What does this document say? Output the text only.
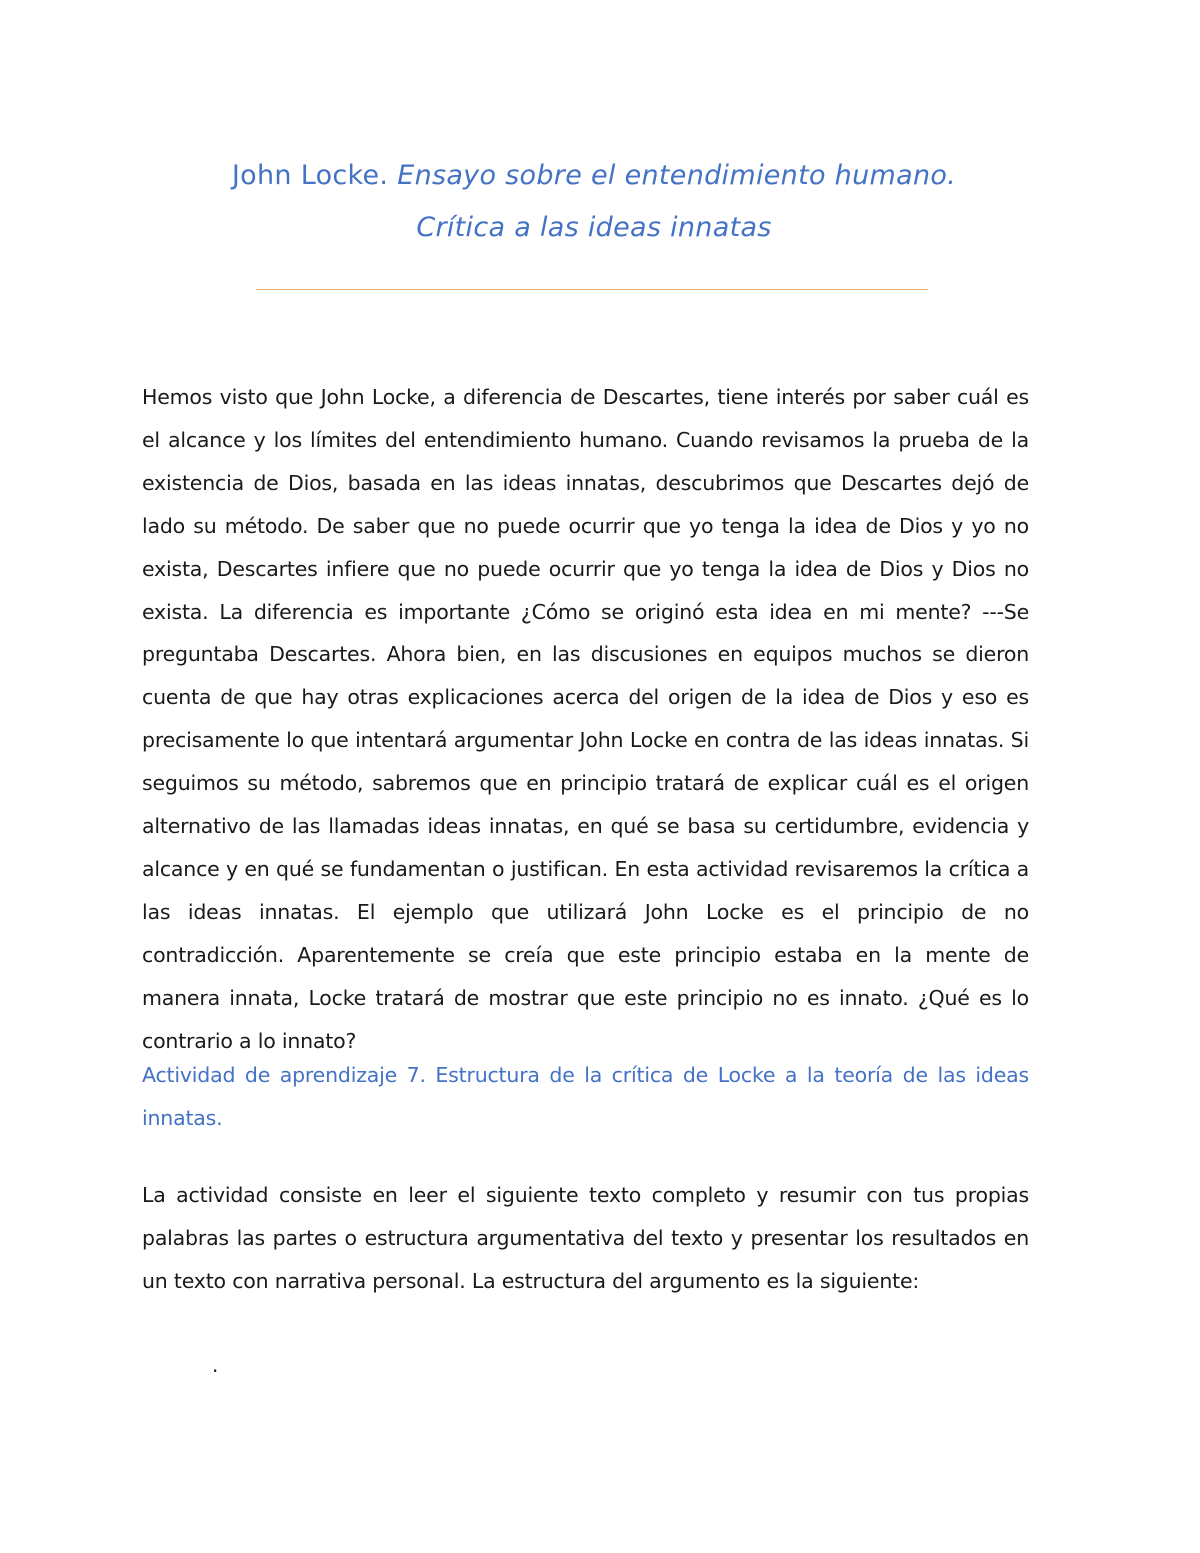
John Locke. Ensayo sobre el entendimiento humano.
Crítica a las ideas innatas

Hemos visto que John Locke, a diferencia de Descartes, tiene interés por saber cuál es el alcance y los límites del entendimiento humano. Cuando revisamos la prueba de la existencia de Dios, basada en las ideas innatas, descubrimos que Descartes dejó de lado su método. De saber que no puede ocurrir que yo tenga la idea de Dios y yo no exista, Descartes infiere que no puede ocurrir que yo tenga la idea de Dios y Dios no exista. La diferencia es importante ¿Cómo se originó esta idea en mi mente? ---Se preguntaba Descartes. Ahora bien, en las discusiones en equipos muchos se dieron cuenta de que hay otras explicaciones acerca del origen de la idea de Dios y eso es precisamente lo que intentará argumentar John Locke en contra de las ideas innatas. Si seguimos su método, sabremos que en principio tratará de explicar cuál es el origen alternativo de las llamadas ideas innatas, en qué se basa su certidumbre, evidencia y alcance y en qué se fundamentan o justifican. En esta actividad revisaremos la crítica a las ideas innatas. El ejemplo que utilizará John Locke es el principio de no contradicción. Aparentemente se creía que este principio estaba en la mente de manera innata, Locke tratará de mostrar que este principio no es innato. ¿Qué es lo contrario a lo innato?

Actividad de aprendizaje 7. Estructura de la crítica de Locke a la teoría de las ideas innatas.

La actividad consiste en leer el siguiente texto completo y resumir con tus propias palabras las partes o estructura argumentativa del texto y presentar los resultados en un texto con narrativa personal. La estructura del argumento es la siguiente:

.
